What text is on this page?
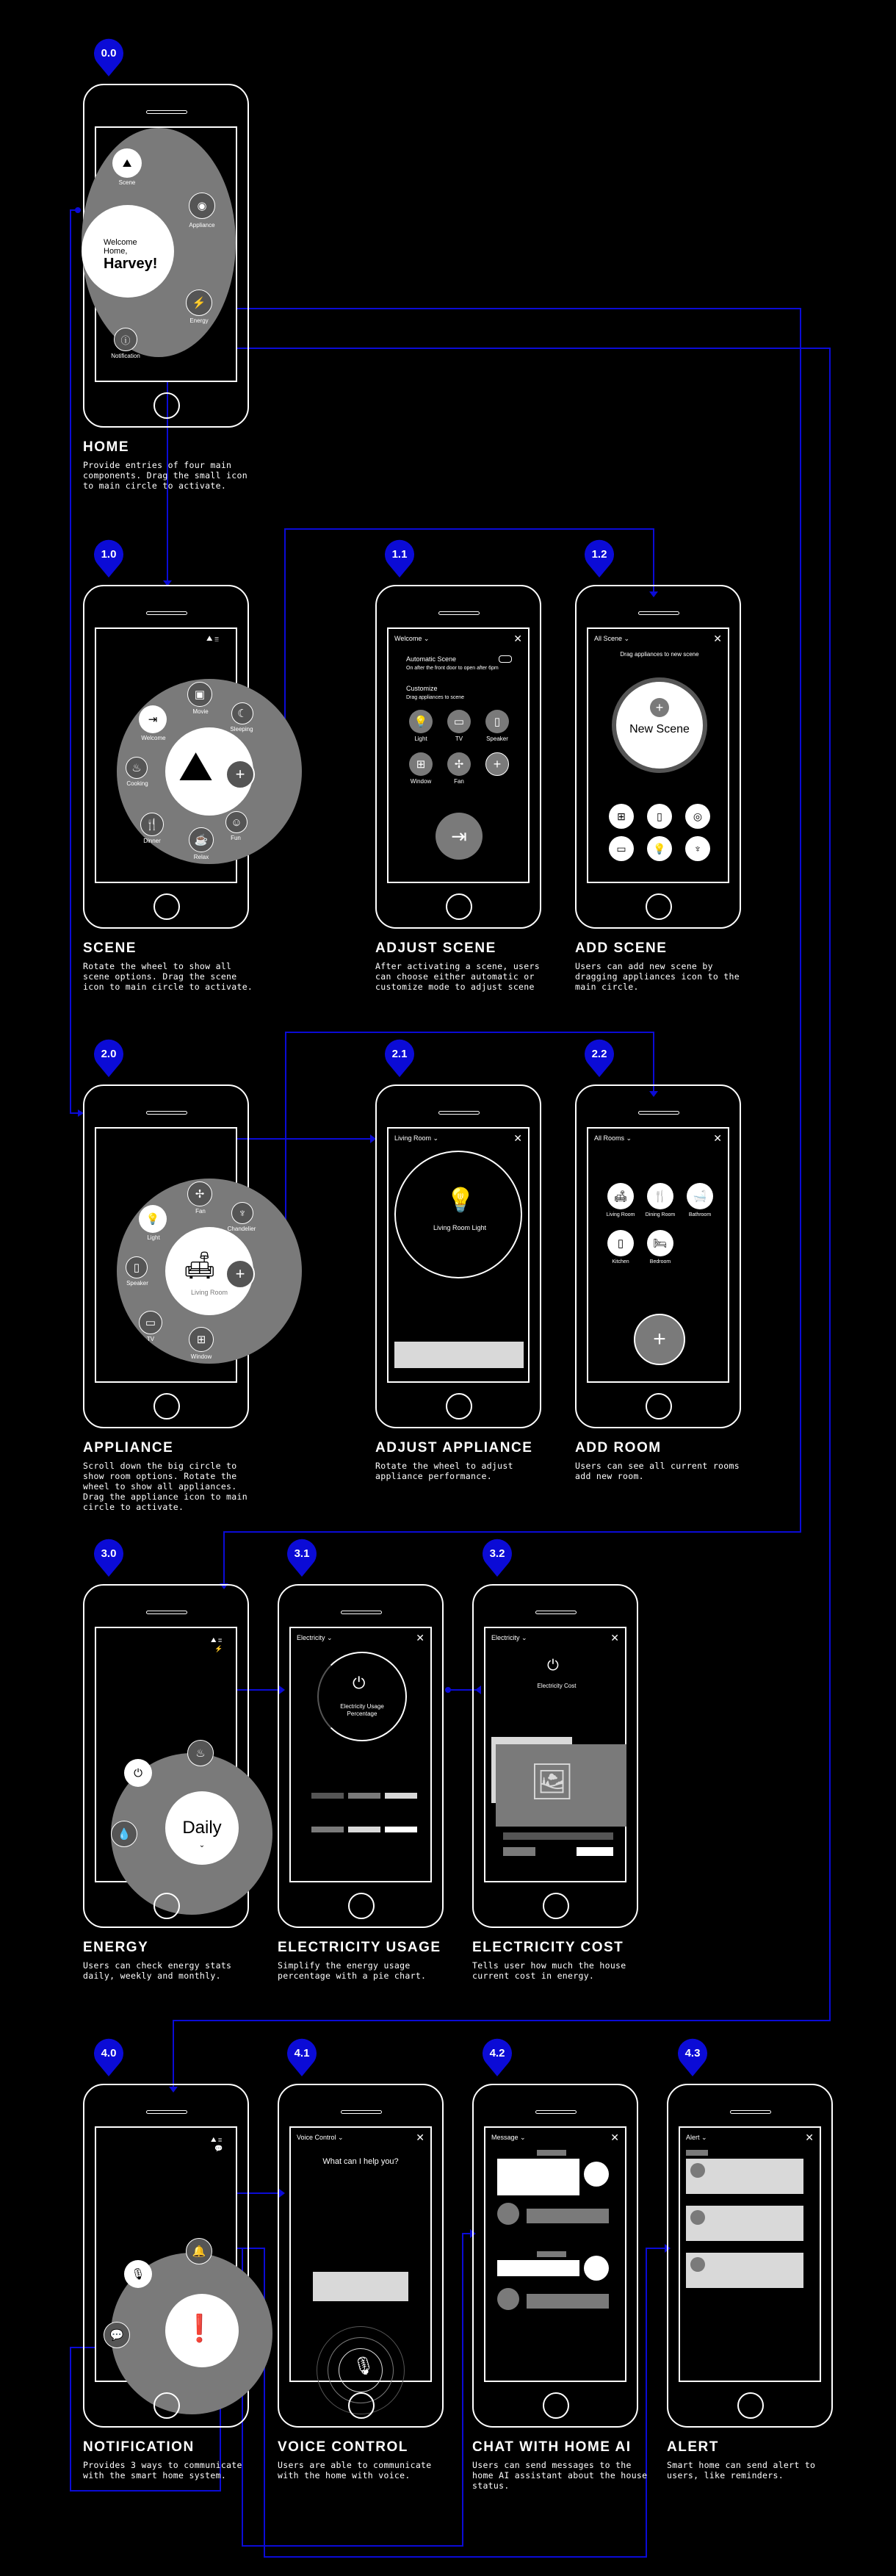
0.0
Welcome Home,
Harvey!
⛰
Scene
◉
Appliance
⚡
Energy
ⓘ
Notification
HOME

Provide entries of four main components. Drag the small icon to main circle to activate.

1.0
⛰ ≣
⛰
▣
Movie	☾
Sleeping
+
Add
☺
Fun
☕
Relax
🍴
Dinner
♨
Cooking
⇥
Welcome
SCENE

Rotate the wheel to show all scene options. Drag the scene icon to main circle to activate.

1.1
Welcome ⌄	✕
Automatic Scene
On after the front door to open after 6pm
Customize
Drag appliances to scene
💡
Light
▭
TV
▯
Speaker
⊞
Window
✢
Fan
+
⇥
ADJUST SCENE

After activating a scene, users can choose either automatic or customize mode to adjust scene

1.2
All Scene ⌄	✕
Drag appliances to new scene
+
New Scene
⊞	▯	◎
▭	💡	♆
ADD SCENE

Users can add new scene by dragging appliances icon to the main circle.

2.0
🛋
Living Room
✢
Fan	♆
Chandelier
+
Add
⊞
Window
▭
TV
▯
Speaker
💡
Light
APPLIANCE

Scroll down the big circle to show room options. Rotate the wheel to show all appliances. Drag the appliance icon to main circle to activate.

2.1
Living Room ⌄	✕
💡
Living Room Light
ADJUST APPLIANCE

Rotate the wheel to adjust appliance performance.

2.2
All Rooms ⌄	✕
🛋
Living Room
🍴
Dining Room
🛁
Bathroom
▯
Kitchen
🛏
Bedroom
+
ADD ROOM

Users can see all current rooms add new room.

3.0
⛰ ≣
⚡
Daily
⌄
⏻
♨
💧
ENERGY

Users can check energy stats daily, weekly and monthly.

3.1
Electricity ⌄	✕
⏻
Electricity Usage Percentage
ELECTRICITY USAGE

Simplify the energy usage percentage with a pie chart.

3.2
Electricity ⌄	✕
⏻
Electricity Cost
🖼
ELECTRICITY COST

Tells user how much the house current cost in energy.

4.0
⛰ ≣
💬
❗
🎙
🔔
💬
NOTIFICATION

Provides 3 ways to communicate with the smart home system.

4.1
Voice Control ⌄	✕
What can I help you?
🎙
VOICE CONTROL

Users are able to communicate with the home with voice.

4.2
Message ⌄	✕
CHAT WITH HOME AI

Users can send messages to the home AI assistant about the house status.

4.3
Alert ⌄	✕
ALERT

Smart home can send alert to users, like reminders.
